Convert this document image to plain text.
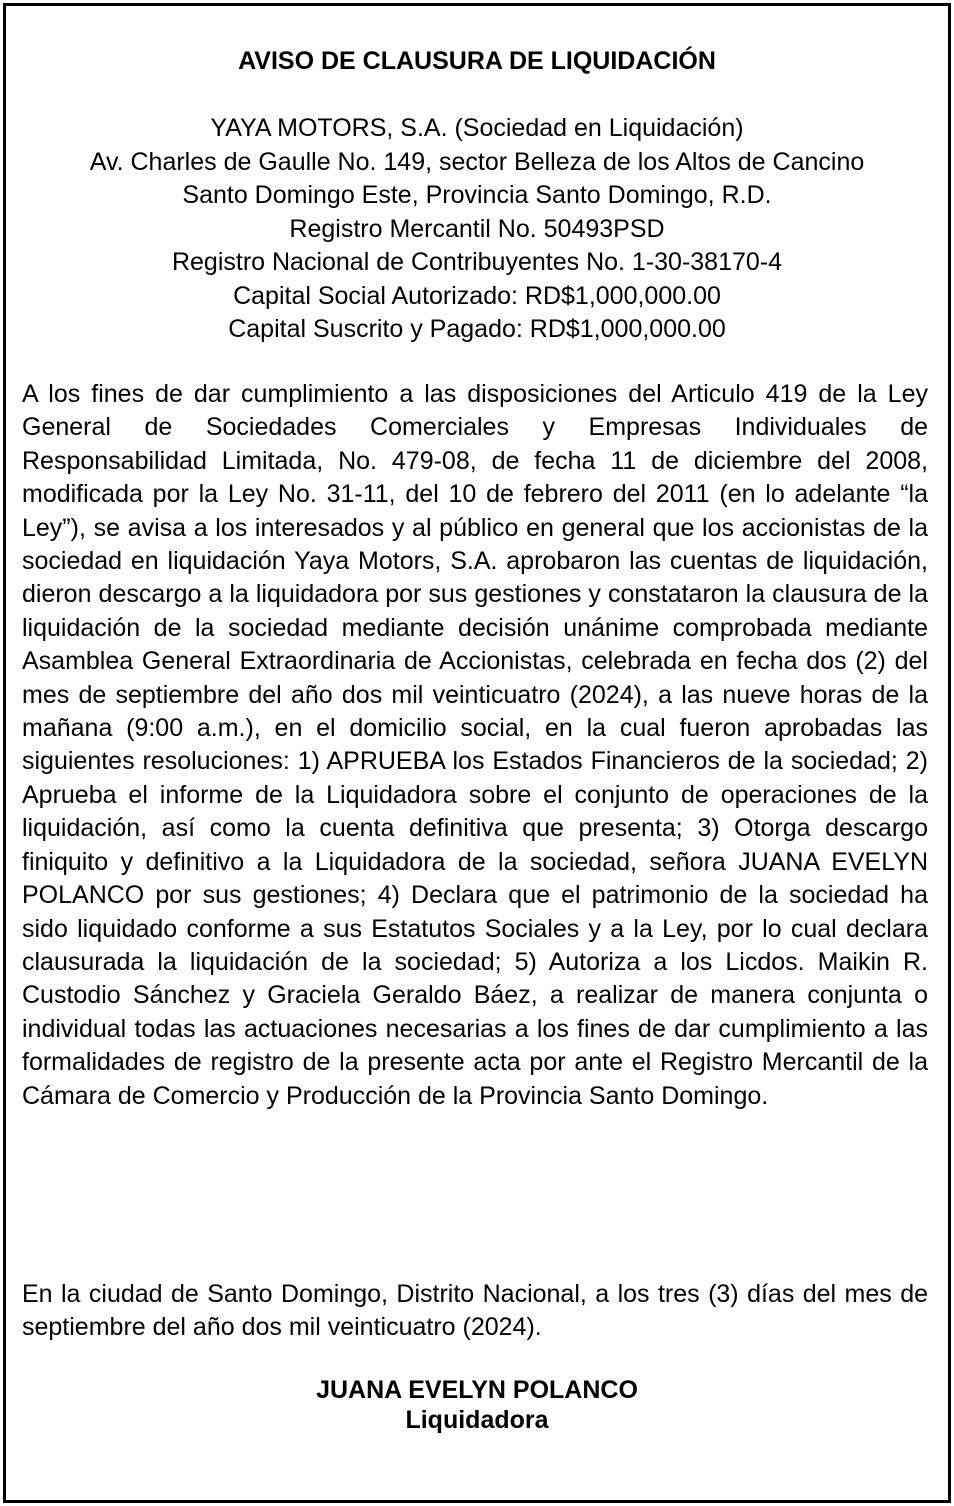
AVISO DE CLAUSURA DE LIQUIDACIÓN
YAYA MOTORS, S.A. (Sociedad en Liquidación)
Av. Charles de Gaulle No. 149, sector Belleza de los Altos de Cancino
Santo Domingo Este, Provincia Santo Domingo, R.D.
Registro Mercantil No. 50493PSD
Registro Nacional de Contribuyentes No. 1-30-38170-4
Capital Social Autorizado: RD$1,000,000.00
Capital Suscrito y Pagado: RD$1,000,000.00

A los fines de dar cumplimiento a las disposiciones del Articulo 419 de la Ley General de Sociedades Comerciales y Empresas Individuales de Responsabilidad Limitada, No. 479-08, de fecha 11 de diciembre del 2008, modificada por la Ley No. 31-11, del 10 de febrero del 2011 (en lo adelante “la Ley”), se avisa a los interesados y al público en general que los accionistas de la sociedad en liquidación Yaya Motors, S.A. aprobaron las cuentas de liquidación, dieron descargo a la liquidadora por sus gestiones y constataron la clausura de la liquidación de la sociedad mediante decisión unánime comprobada mediante Asamblea General Extraordinaria de Accionistas, celebrada en fecha dos (2) del mes de septiembre del año dos mil veinticuatro (2024), a las nueve horas de la mañana (9:00 a.m.), en el domicilio social, en la cual fueron aprobadas las siguientes resoluciones: 1) APRUEBA los Estados Financieros de la sociedad; 2) Aprueba el informe de la Liquidadora sobre el conjunto de operaciones de la liquidación, así como la cuenta definitiva que presenta; 3) Otorga descargo finiquito y definitivo a la Liquidadora de la sociedad, señora JUANA EVELYN POLANCO por sus gestiones; 4) Declara que el patrimonio de la sociedad ha sido liquidado conforme a sus Estatutos Sociales y a la Ley, por lo cual declara clausurada la liquidación de la sociedad; 5) Autoriza a los Licdos. Maikin R. Custodio Sánchez y Graciela Geraldo Báez, a realizar de manera conjunta o individual todas las actuaciones necesarias a los fines de dar cumplimiento a las formalidades de registro de la presente acta por ante el Registro Mercantil de la Cámara de Comercio y Producción de la Provincia Santo Domingo.

En la ciudad de Santo Domingo, Distrito Nacional, a los tres (3) días del mes de septiembre del año dos mil veinticuatro (2024).

JUANA EVELYN POLANCO
Liquidadora
